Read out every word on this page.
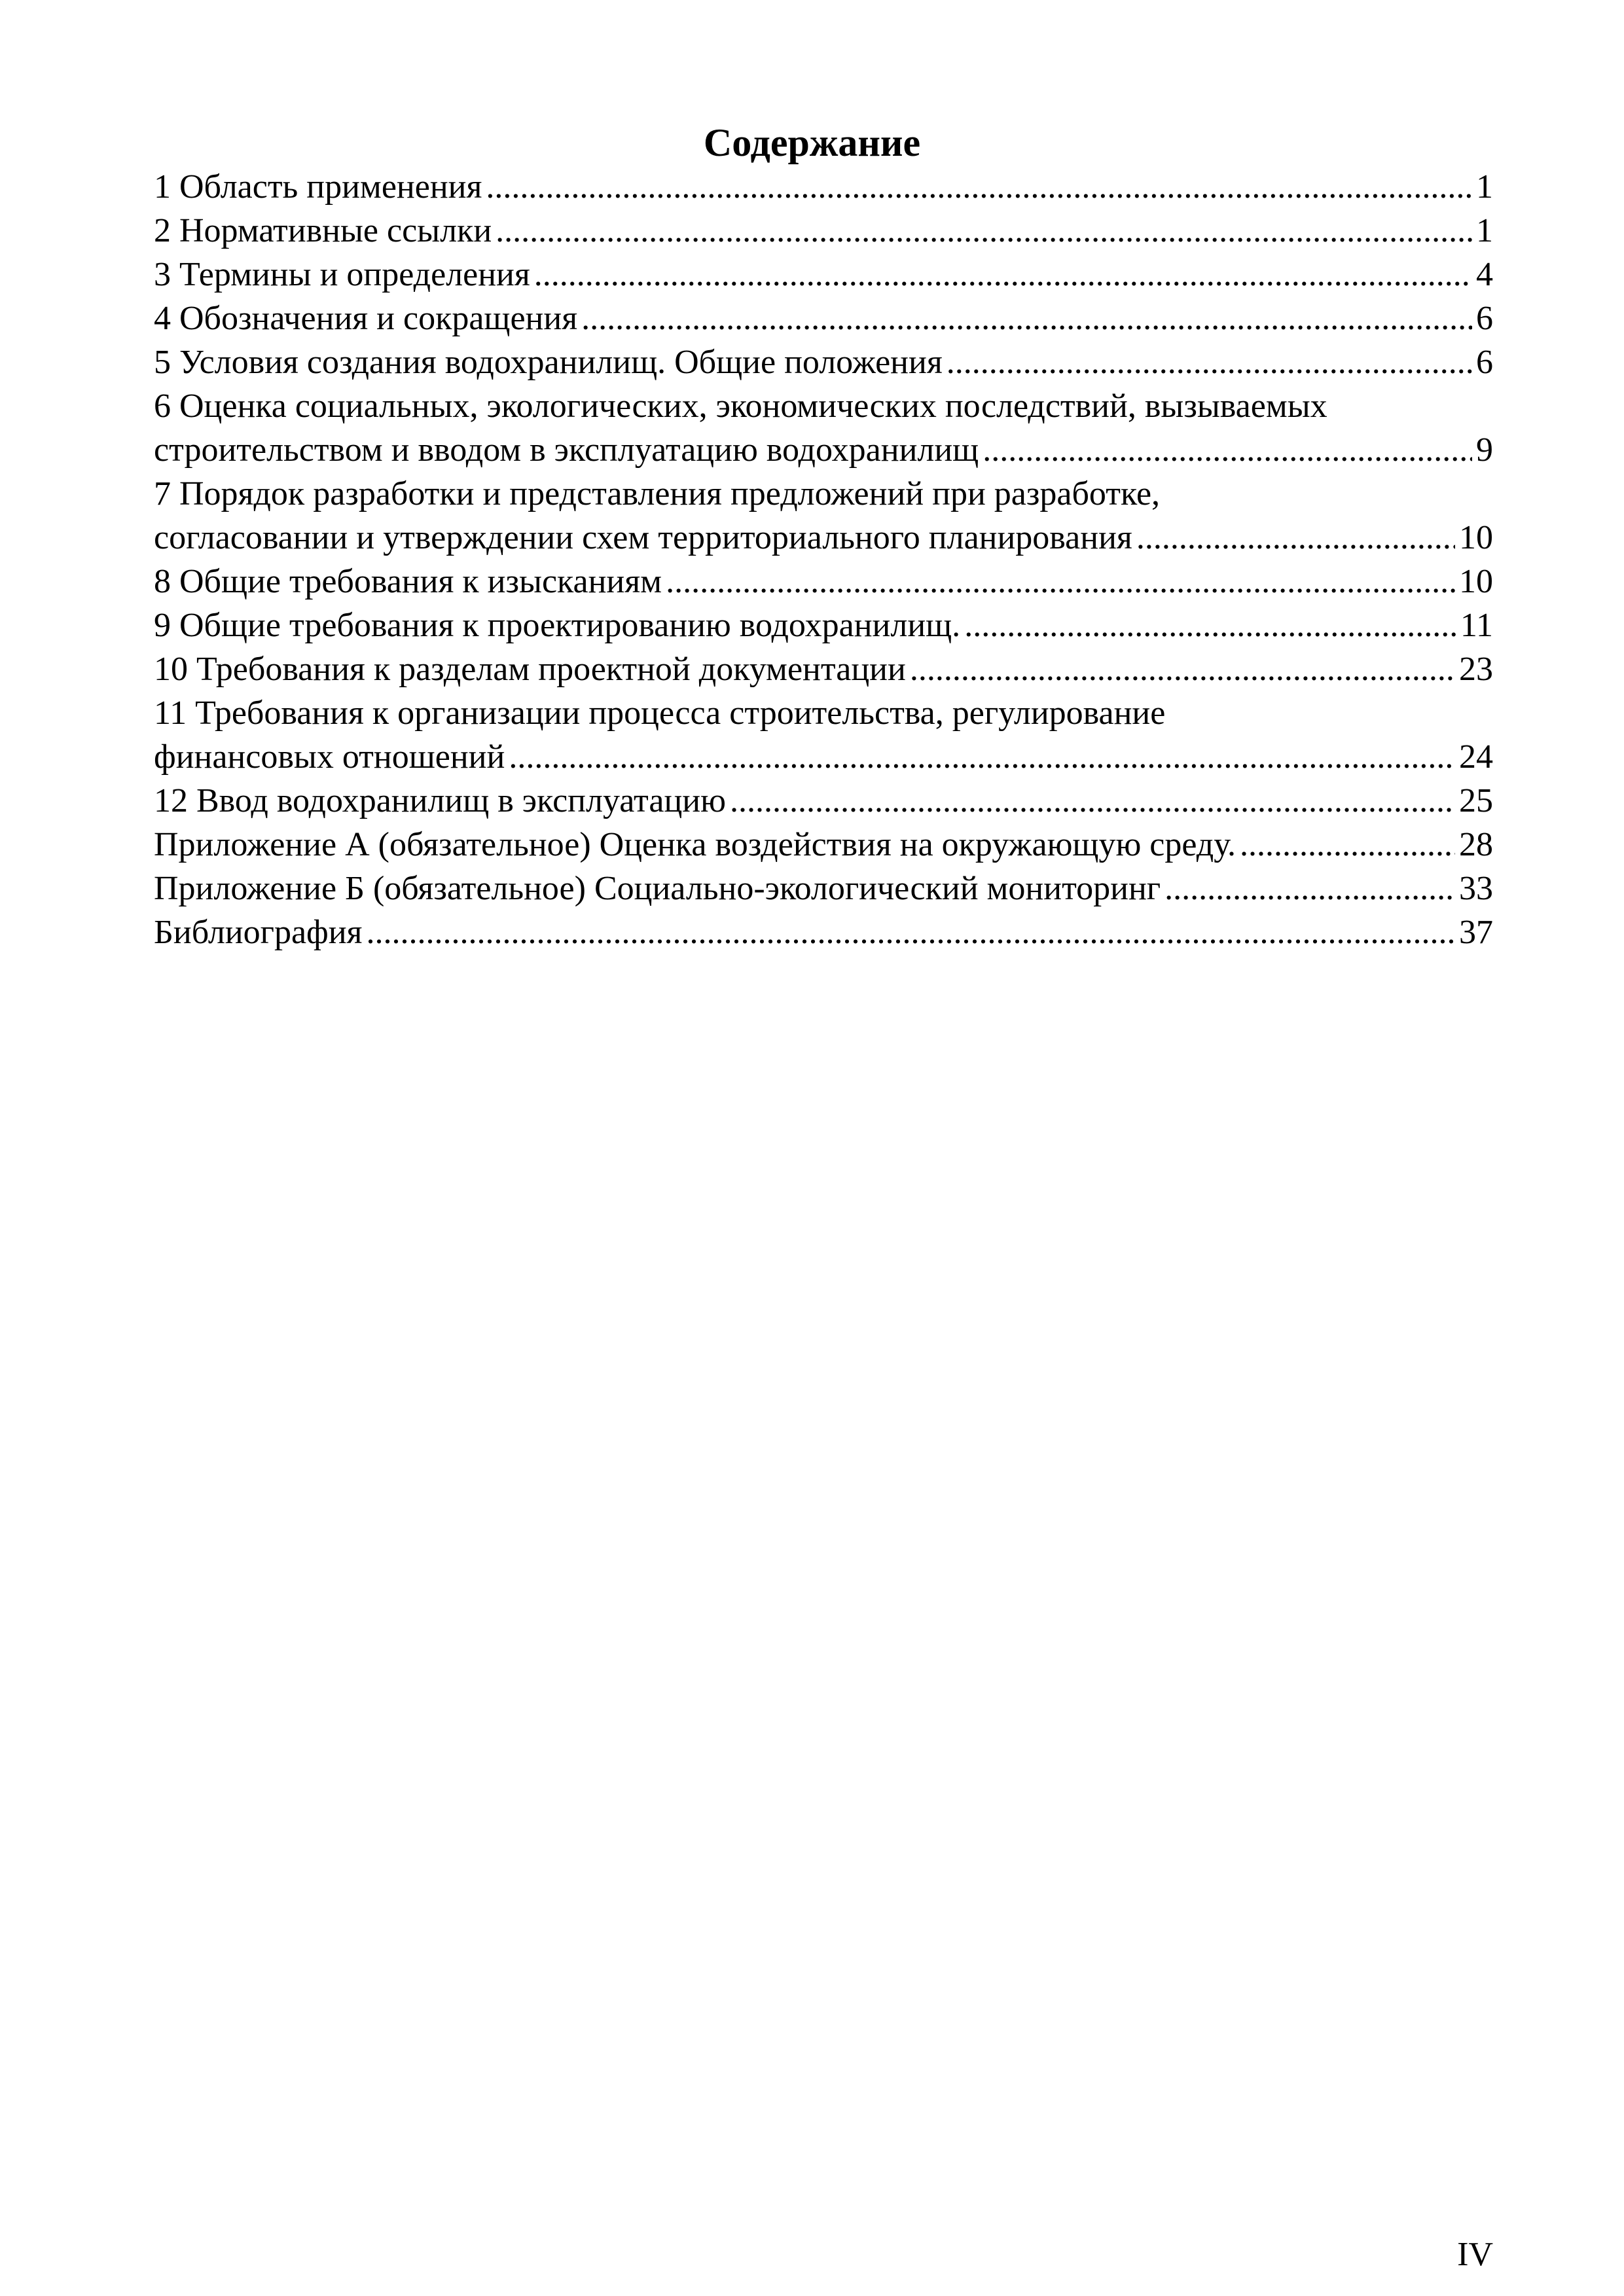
Содержание
1 Область применения .....	1
2 Нормативные ссылки .....	1
3 Термины и определения .....	4
4 Обозначения и сокращения .....	6
5 Условия создания водохранилищ. Общие положения .....	6
6 Оценка социальных, экологических, экономических последствий, вызываемых
строительством и вводом в эксплуатацию водохранилищ .....	9
7 Порядок разработки и представления предложений при разработке,
согласовании и утверждении схем территориального планирования .....	10
8 Общие требования к изысканиям .....	10
9 Общие требования к проектированию водохранилищ. .....	11
10 Требования к разделам проектной документации .....	23
11 Требования к организации процесса строительства, регулирование
финансовых отношений .....	24
12 Ввод водохранилищ в эксплуатацию .....	25
Приложение А (обязательное) Оценка воздействия на окружающую среду. .....	28
Приложение Б (обязательное) Социально-экологический мониторинг .....	33
Библиография .....	37
IV
